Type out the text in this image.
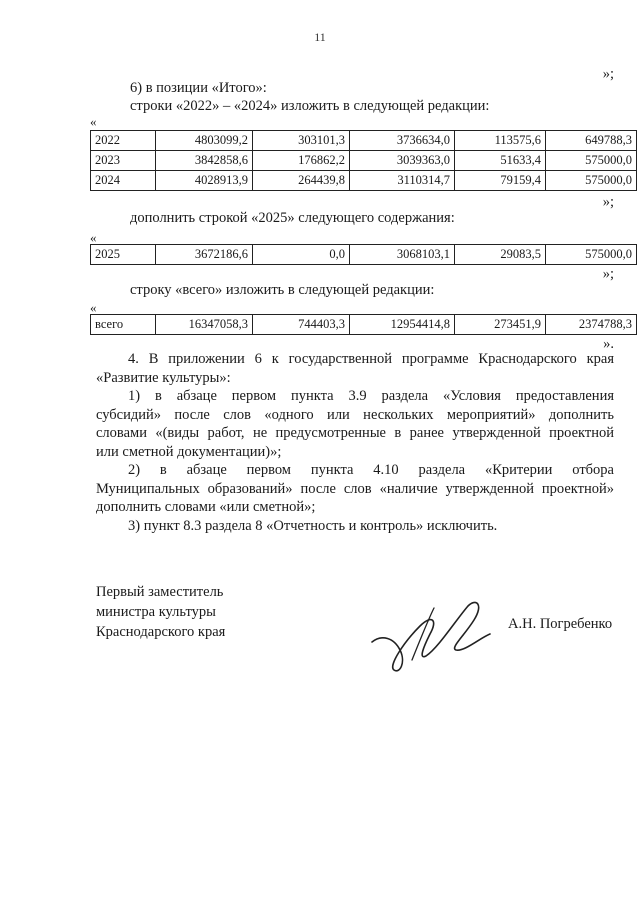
11
»;
6) в позиции «Итого»:
строки «2022» – «2024» изложить в следующей редакции:
«
2022	4803099,2	303101,3	3736634,0	113575,6	649788,3
2023	3842858,6	176862,2	3039363,0	51633,4	575000,0
2024	4028913,9	264439,8	3110314,7	79159,4	575000,0
»;
дополнить строкой «2025» следующего содержания:
«
2025	3672186,6	0,0	3068103,1	29083,5	575000,0
»;
строку «всего» изложить в следующей редакции:
«
всего	16347058,3	744403,3	12954414,8	273451,9	2374788,3
».
4. В приложении 6 к государственной программе Краснодарского края
«Развитие культуры»:
1) в абзаце первом пункта 3.9 раздела «Условия предоставления
субсидий» после слов «одного или нескольких мероприятий» дополнить
словами «(виды работ, не предусмотренные в ранее утвержденной проектной
или сметной документации)»;
2) в абзаце первом пункта 4.10 раздела «Критерии отбора
Муниципальных образований» после слов «наличие утвержденной проектной»
дополнить словами «или сметной»;
3) пункт 8.3 раздела 8 «Отчетность и контроль» исключить.
Первый заместитель
министра культуры
Краснодарского края	А.Н. Погребенко
